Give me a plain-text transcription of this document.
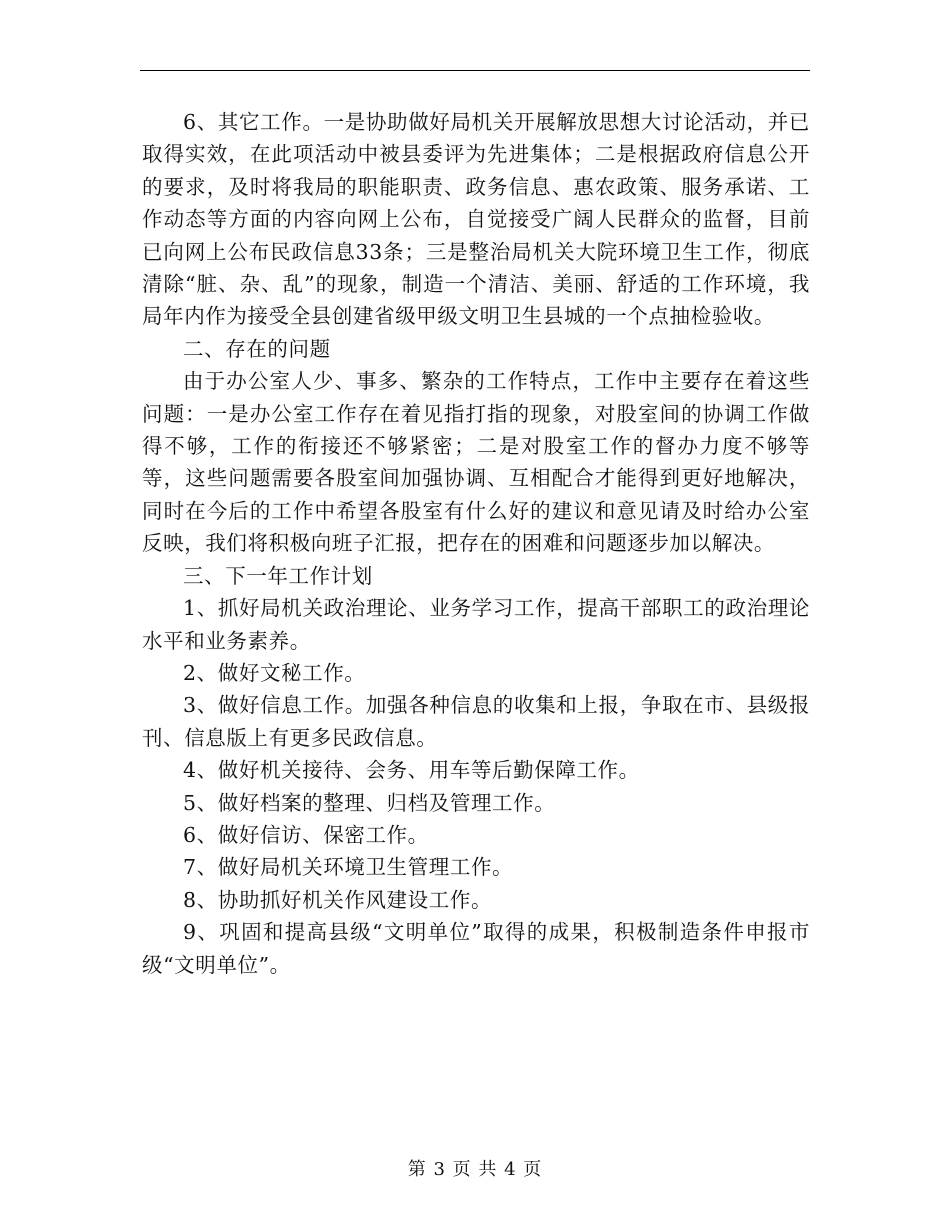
6、其它工作。一是协助做好局机关开展解放思想大讨论活动，并已取得实效，在此项活动中被县委评为先进集体；二是根据政府信息公开的要求，及时将我局的职能职责、政务信息、惠农政策、服务承诺、工作动态等方面的内容向网上公布，自觉接受广阔人民群众的监督，目前已向网上公布民政信息33条；三是整治局机关大院环境卫生工作，彻底清除“脏、杂、乱”的现象，制造一个清洁、美丽、舒适的工作环境，我局年内作为接受全县创建省级甲级文明卫生县城的一个点抽检验收。

二、存在的问题

由于办公室人少、事多、繁杂的工作特点，工作中主要存在着这些问题：一是办公室工作存在着见指打指的现象，对股室间的协调工作做得不够，工作的衔接还不够紧密；二是对股室工作的督办力度不够等等，这些问题需要各股室间加强协调、互相配合才能得到更好地解决，同时在今后的工作中希望各股室有什么好的建议和意见请及时给办公室反映，我们将积极向班子汇报，把存在的困难和问题逐步加以解决。

三、下一年工作计划

1、抓好局机关政治理论、业务学习工作，提高干部职工的政治理论水平和业务素养。

2、做好文秘工作。

3、做好信息工作。加强各种信息的收集和上报，争取在市、县级报刊、信息版上有更多民政信息。

4、做好机关接待、会务、用车等后勤保障工作。

5、做好档案的整理、归档及管理工作。

6、做好信访、保密工作。

7、做好局机关环境卫生管理工作。

8、协助抓好机关作风建设工作。

9、巩固和提高县级“文明单位”取得的成果，积极制造条件申报市级“文明单位”。

第 3 页 共 4 页
